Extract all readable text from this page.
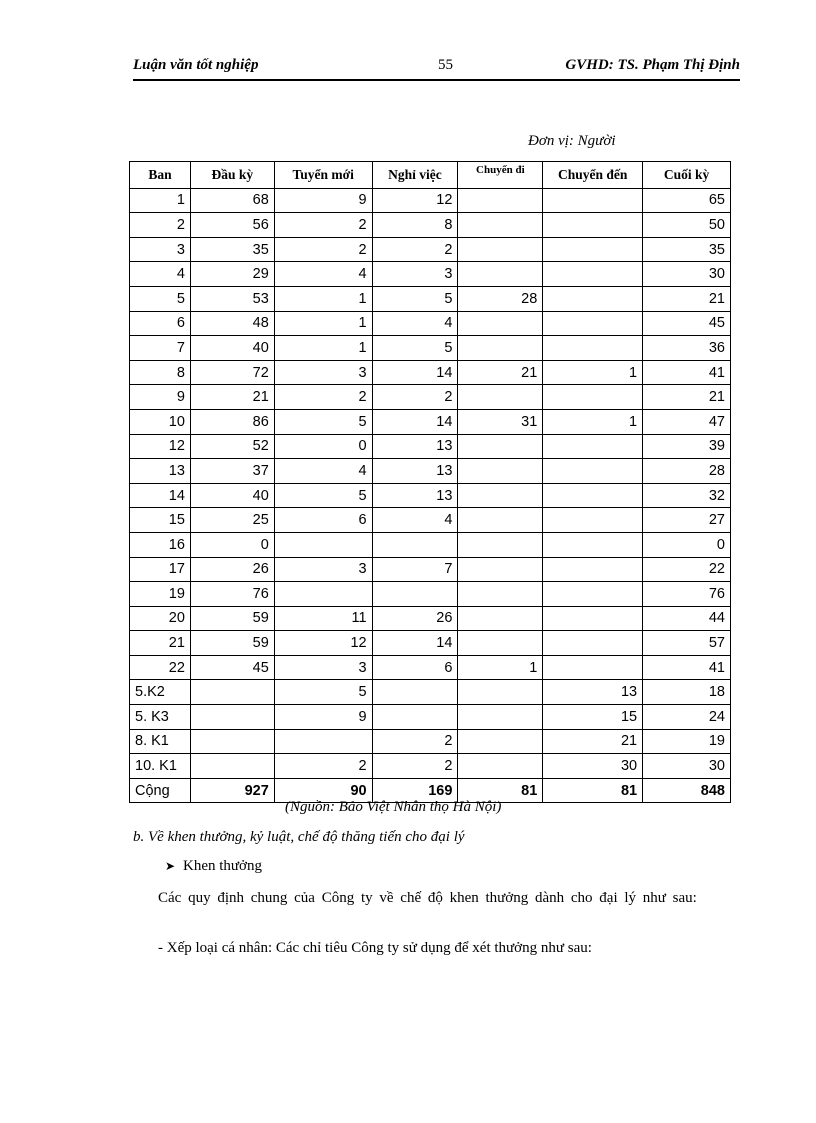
Luận văn tốt nghiệp	55	GVHD: TS. Phạm Thị Định
Đơn vị: Người
Ban	Đầu kỳ	Tuyển mới	Nghỉ việc	Chuyển đi	Chuyển đến	Cuối kỳ
1	68	9	12			65
2	56	2	8			50
3	35	2	2			35
4	29	4	3			30
5	53	1	5	28		21
6	48	1	4			45
7	40	1	5			36
8	72	3	14	21	1	41
9	21	2	2			21
10	86	5	14	31	1	47
12	52	0	13			39
13	37	4	13			28
14	40	5	13			32
15	25	6	4			27
16	0					0
17	26	3	7			22
19	76					76
20	59	11	26			44
21	59	12	14			57
22	45	3	6	1		41
5.K2		5			13	18
5. K3		9			15	24
8. K1			2		21	19
10. K1		2	2		30	30
Cộng	927	90	169	81	81	848
(Nguồn: Bảo Việt Nhân thọ Hà Nội)
b. Về khen thưởng, kỷ luật, chế độ thăng tiến cho đại lý
➤ Khen thưởng
Các quy định chung của Công ty về chế độ khen thưởng dành cho đại lý như sau:
- Xếp loại cá nhân: Các chỉ tiêu Công ty sử dụng để xét thưởng như sau:
